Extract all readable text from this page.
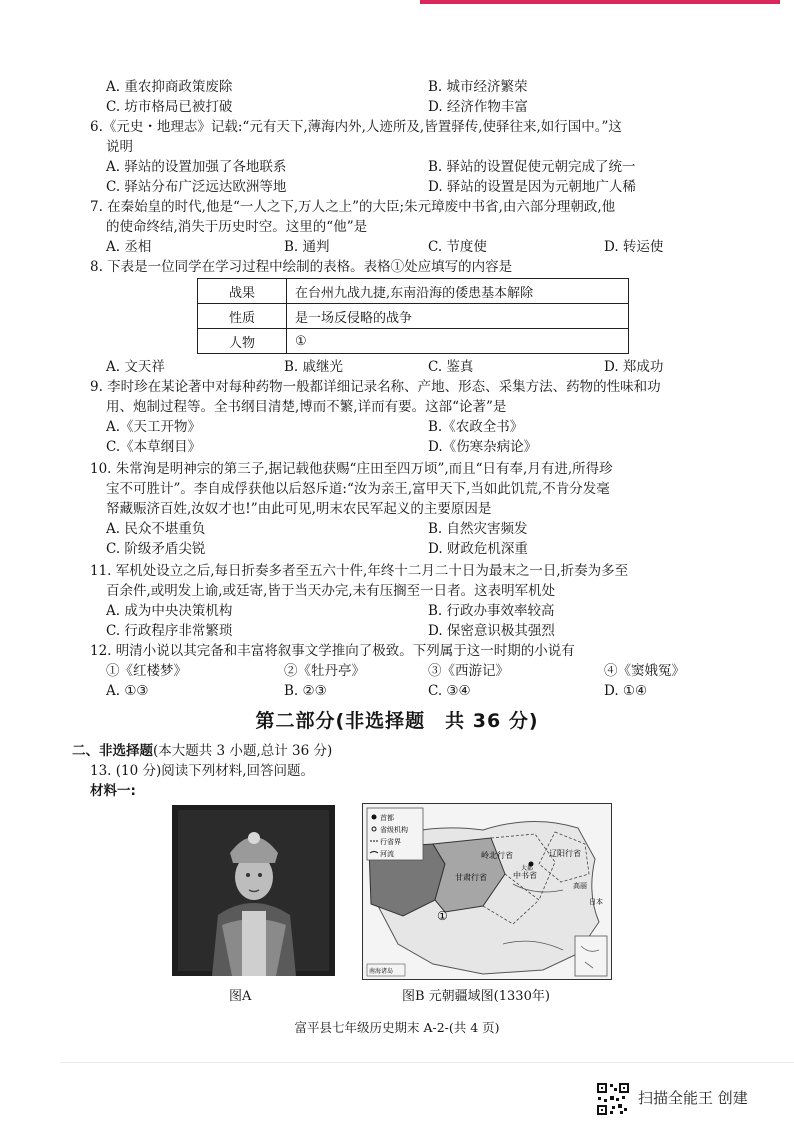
A. 重农抑商政策废除	B. 城市经济繁荣
C. 坊市格局已被打破	D. 经济作物丰富
6.《元史・地理志》记载:“元有天下,薄海内外,人迹所及,皆置驿传,使驿往来,如行国中。”这
说明
A. 驿站的设置加强了各地联系	B. 驿站的设置促使元朝完成了统一
C. 驿站分布广泛远达欧洲等地	D. 驿站的设置是因为元朝地广人稀
7. 在秦始皇的时代,他是“一人之下,万人之上”的大臣;朱元璋废中书省,由六部分理朝政,他
的使命终结,消失于历史时空。这里的“他”是
A. 丞相	B. 通判	C. 节度使	D. 转运使
8. 下表是一位同学在学习过程中绘制的表格。表格①处应填写的内容是
战果	在台州九战九捷,东南沿海的倭患基本解除
性质	是一场反侵略的战争
人物	①
A. 文天祥	B. 戚继光	C. 鉴真	D. 郑成功
9. 李时珍在某论著中对每种药物一般都详细记录名称、产地、形态、采集方法、药物的性味和功
用、炮制过程等。全书纲目清楚,博而不繁,详而有要。这部“论著”是
A.《天工开物》	B.《农政全书》
C.《本草纲目》	D.《伤寒杂病论》
10. 朱常洵是明神宗的第三子,据记载他获赐“庄田至四万顷”,而且“日有奉,月有进,所得珍
宝不可胜计”。李自成俘获他以后怒斥道:“汝为亲王,富甲天下,当如此饥荒,不肯分发毫
帑藏赈济百姓,汝奴才也!”由此可见,明末农民军起义的主要原因是
A. 民众不堪重负	B. 自然灾害频发
C. 阶级矛盾尖锐	D. 财政危机深重
11. 军机处设立之后,每日折奏多者至五六十件,年终十二月二十日为最末之一日,折奏为多至
百余件,或明发上谕,或廷寄,皆于当天办完,未有压搁至一日者。这表明军机处
A. 成为中央决策机构	B. 行政办事效率较高
C. 行政程序非常繁琐	D. 保密意识极其强烈
12. 明清小说以其完备和丰富将叙事文学推向了极致。下列属于这一时期的小说有
①《红楼梦》	②《牡丹亭》	③《西游记》	④《窦娥冤》
A. ①③	B. ②③	C. ③④	D. ①④
第二部分(非选择题　共 36 分)
二、非选择题(本大题共 3 小题,总计 36 分)
13. (10 分)阅读下列材料,回答问题。
材料一:
首都
省级机构
行省界
河流	辽阳行省
岭北行省
中书省
甘肃行省
①
高丽
大都
日本
南海诸岛
图A	图B 元朝疆域图(1330年)
富平县七年级历史期末 A-2-(共 4 页)
扫描全能王 创建
